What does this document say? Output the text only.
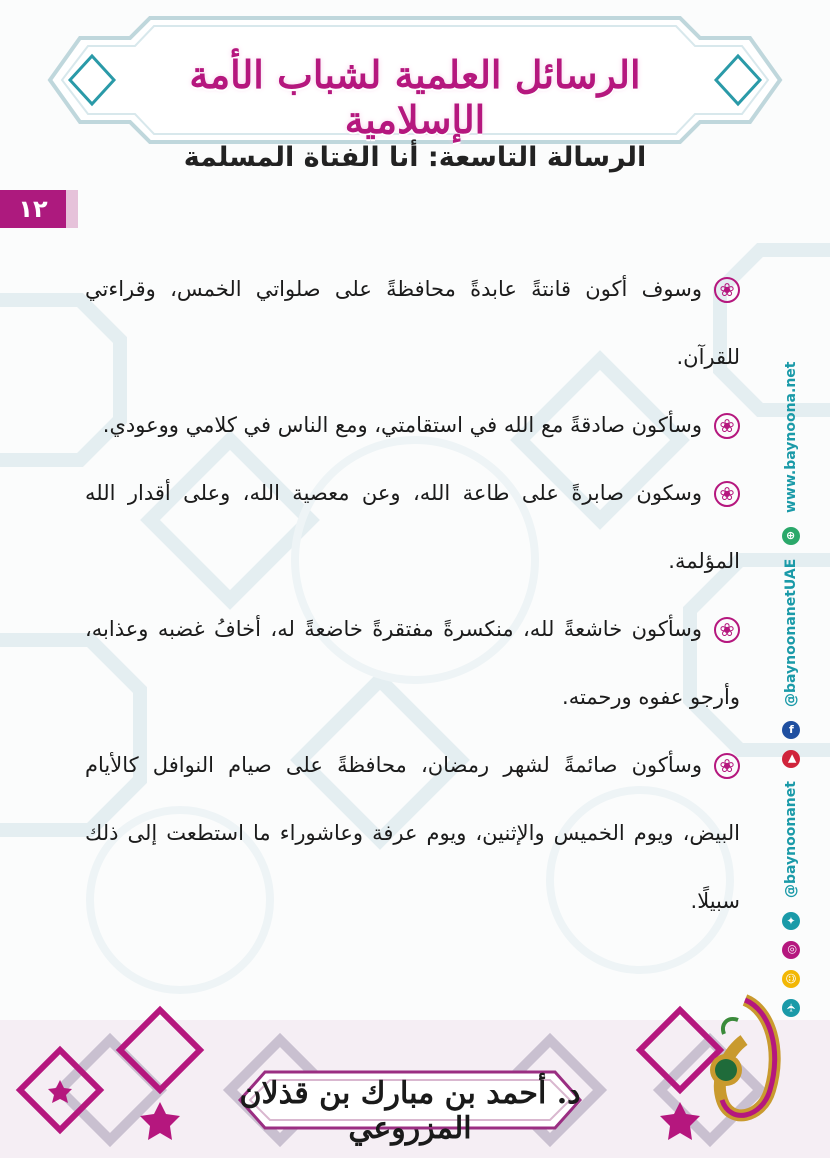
الرسائل العلمية لشباب الأمة الإسلامية
الرسالة التاسعة: أنا الفتاة المسلمة
١٢

❀وسوف أكون قانتةً عابدةً محافظةً على صلواتي الخمس، وقراءتي للقرآن.

❀وسأكون صادقةً مع الله في استقامتي، ومع الناس في كلامي ووعودي.

❀وسكون صابرةً على طاعة الله، وعن معصية الله، وعلى أقدار الله المؤلمة.

❀وسأكون خاشعةً لله، منكسرةً مفتقرةً خاضعةً له، أخافُ غضبه وعذابه، وأرجو عفوه ورحمته.

❀وسأكون صائمةً لشهر رمضان، محافظةً على صيام النوافل كالأيام البيض، ويوم الخميس والإثنين، ويوم عرفة وعاشوراء ما استطعت إلى ذلك سبيلًا.

✈ ☺ ◎ ✦ @baynoonanet ▶ f @baynoonanetUAE ⊕ www.baynoona.net
د. أحمد بن مبارك بن قذلان المزروعي
